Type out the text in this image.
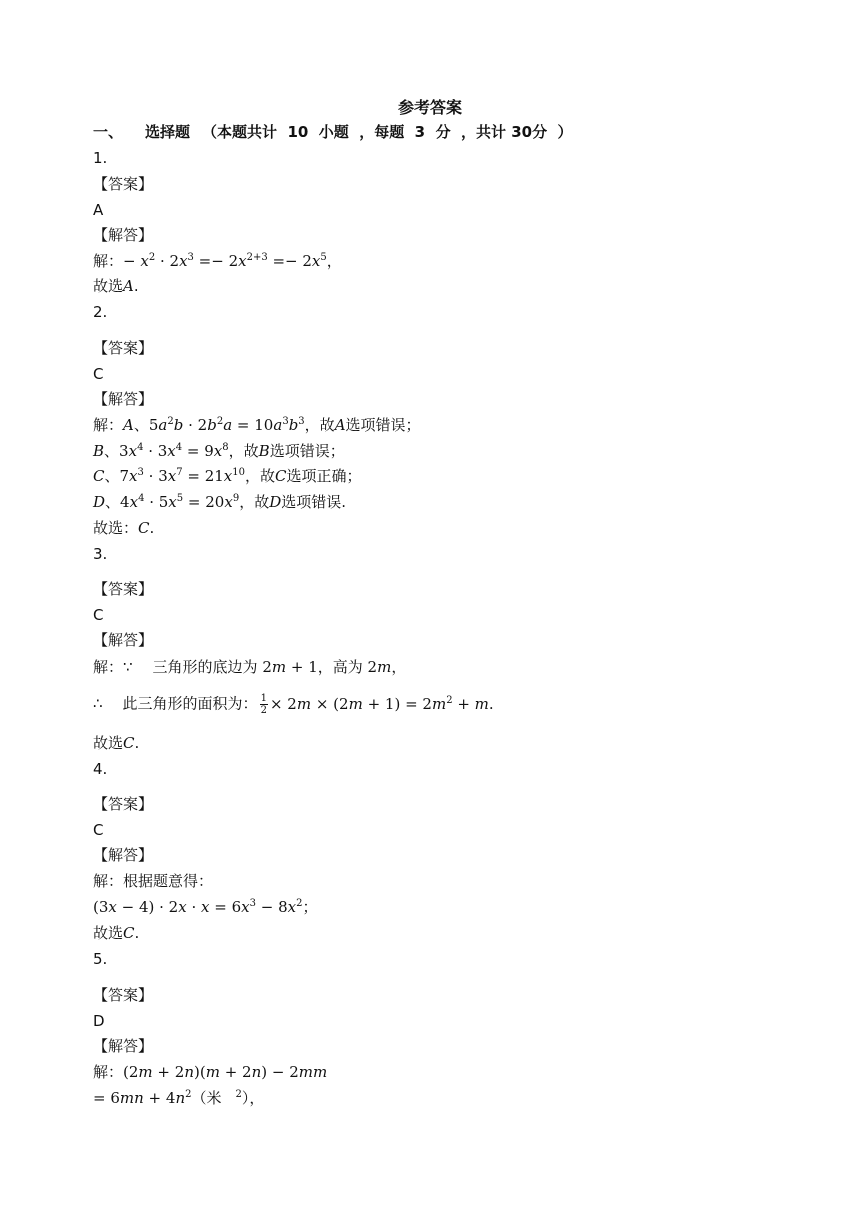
参考答案
一、 选择题 （本题共计  10  小题  ，每题  3  分  ，共计 30分  ）
1.
【答案】
A
【解答】
解：− $x^2 \cdot 2x^3 =- 2x^{2+3} =- 2x^5$，
故选A.
2.
【答案】
C
【解答】
解：A、$5a^2b \cdot 2b^2a = 10a^3b^3$，故A选项错误；
B、$3x^4 \cdot 3x^4 = 9x^8$，故B选项错误；
C、$7x^3 \cdot 3x^7 = 21x^{10}$，故C选项正确；
D、$4x^4 \cdot 5x^5 = 20x^9$，故D选项错误.
故选：C.
3.
【答案】
C
【解答】
解：∵ 三角形的底边为 2m + 1，高为 2m，
∴ 此三角形的面积为： $\frac{1}{2} \times 2m \times (2m + 1) = 2m^2 + m$.
故选C.
4.
【答案】
C
【解答】
解：根据题意得：
$(3x - 4) \cdot 2x \cdot x = 6x^3 - 8x^2$；
故选C.
5.
【答案】
D
【解答】
解：(2m + 2n)(m + 2n) − 2mm
= $6mn + 4n^2$（米 $^2$），
